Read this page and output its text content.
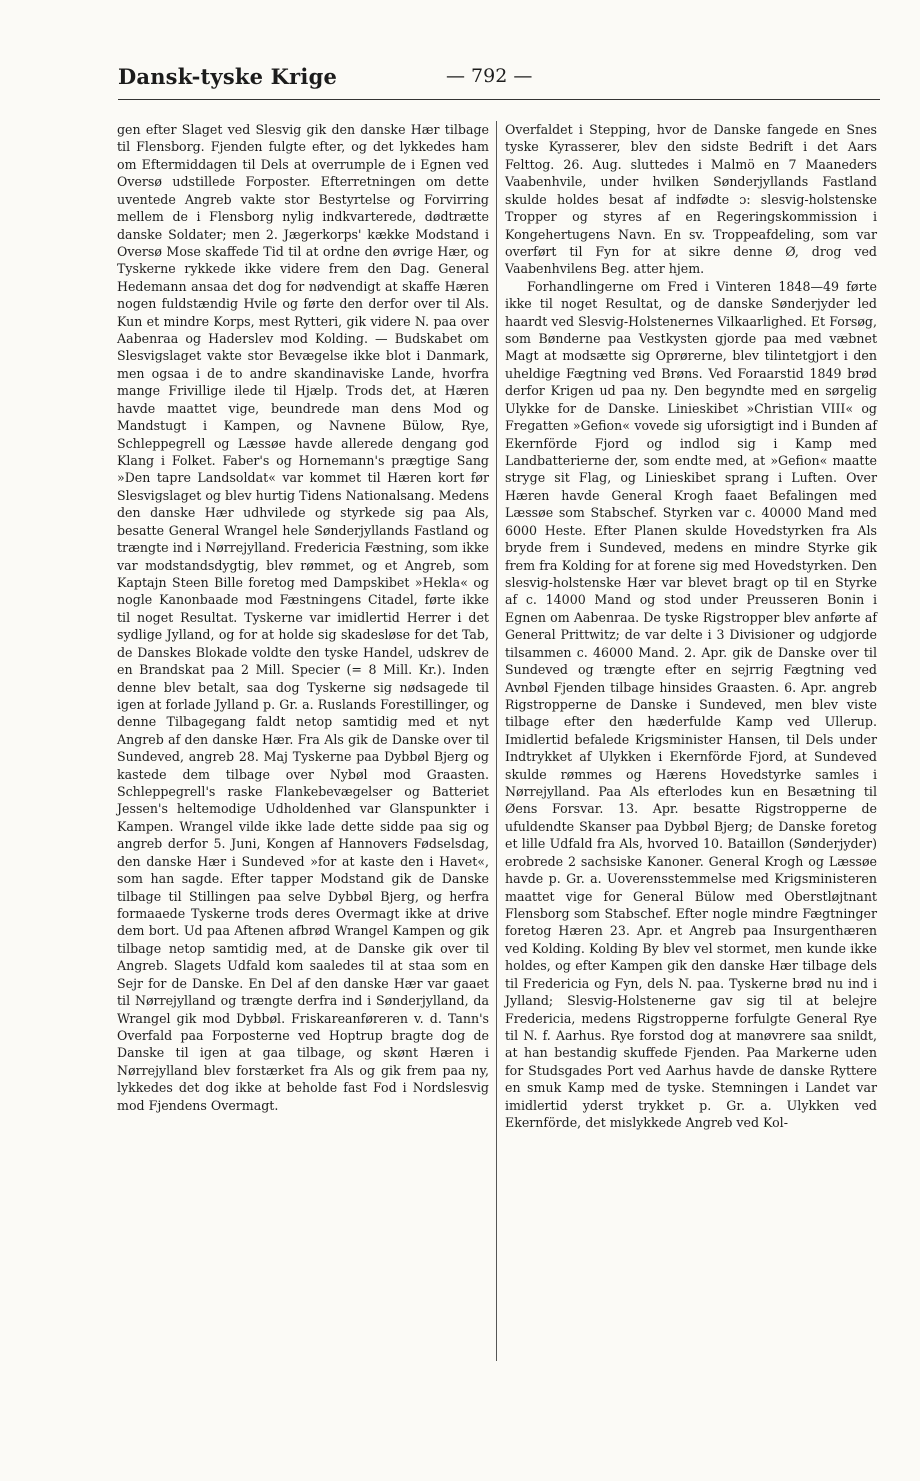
Dansk-tyske Krige	— 792 —

gen efter Slaget ved Slesvig gik den danske Hær tilbage til Flensborg. Fjenden fulgte efter, og det lykkedes ham om Eftermiddagen til Dels at overrumple de i Egnen ved Oversø udstillede Forposter. Efterretningen om dette uventede Angreb vakte stor Bestyrtelse og Forvirring mellem de i Flensborg nylig indkvarterede, dødtrætte danske Soldater; men 2. Jægerkorps' kække Modstand i Oversø Mose skaffede Tid til at ordne den øvrige Hær, og Tyskerne rykkede ikke videre frem den Dag. General Hedemann ansaa det dog for nødvendigt at skaffe Hæren nogen fuldstændig Hvile og førte den derfor over til Als. Kun et mindre Korps, mest Rytteri, gik videre N. paa over Aabenraa og Haderslev mod Kolding. — Budskabet om Slesvigslaget vakte stor Bevægelse ikke blot i Danmark, men ogsaa i de to andre skandinaviske Lande, hvorfra mange Frivillige ilede til Hjælp. Trods det, at Hæren havde maattet vige, beundrede man dens Mod og Mandstugt i Kampen, og Navnene Bülow, Rye, Schleppegrell og Læssøe havde allerede dengang god Klang i Folket. Faber's og Hornemann's prægtige Sang »Den tapre Landsoldat« var kommet til Hæren kort før Slesvigslaget og blev hurtig Tidens Nationalsang. Medens den danske Hær udhvilede og styrkede sig paa Als, besatte General Wrangel hele Sønderjyllands Fastland og trængte ind i Nørrejylland. Fredericia Fæstning, som ikke var modstandsdygtig, blev rømmet, og et Angreb, som Kaptajn Steen Bille foretog med Dampskibet »Hekla« og nogle Kanonbaade mod Fæstningens Citadel, førte ikke til noget Resultat. Tyskerne var imidlertid Herrer i det sydlige Jylland, og for at holde sig skadesløse for det Tab, de Danskes Blokade voldte den tyske Handel, udskrev de en Brandskat paa 2 Mill. Specier (= 8 Mill. Kr.). Inden denne blev betalt, saa dog Tyskerne sig nødsagede til igen at forlade Jylland p. Gr. a. Ruslands Forestillinger, og denne Tilbagegang faldt netop samtidig med et nyt Angreb af den danske Hær. Fra Als gik de Danske over til Sundeved, angreb 28. Maj Tyskerne paa Dybbøl Bjerg og kastede dem tilbage over Nybøl mod Graasten. Schleppegrell's raske Flankebevægelser og Batteriet Jessen's heltemodige Udholdenhed var Glanspunkter i Kampen. Wrangel vilde ikke lade dette sidde paa sig og angreb derfor 5. Juni, Kongen af Hannovers Fødselsdag, den danske Hær i Sundeved »for at kaste den i Havet«, som han sagde. Efter tapper Modstand gik de Danske tilbage til Stillingen paa selve Dybbøl Bjerg, og herfra formaaede Tyskerne trods deres Overmagt ikke at drive dem bort. Ud paa Aftenen afbrød Wrangel Kampen og gik tilbage netop samtidig med, at de Danske gik over til Angreb. Slagets Udfald kom saaledes til at staa som en Sejr for de Danske. En Del af den danske Hær var gaaet til Nørrejylland og trængte derfra ind i Sønderjylland, da Wrangel gik mod Dybbøl. Friskareanføreren v. d. Tann's Overfald paa Forposterne ved Hoptrup bragte dog de Danske til igen at gaa tilbage, og skønt Hæren i Nørrejylland blev forstærket fra Als og gik frem paa ny, lykkedes det dog ikke at beholde fast Fod i Nordslesvig mod Fjendens Overmagt.

Overfaldet i Stepping, hvor de Danske fangede en Snes tyske Kyrasserer, blev den sidste Bedrift i det Aars Felttog. 26. Aug. sluttedes i Malmö en 7 Maaneders Vaabenhvile, under hvilken Sønderjyllands Fastland skulde holdes besat af indfødte ɔ: slesvig-holstenske Tropper og styres af en Regeringskommission i Kongehertugens Navn. En sv. Troppeafdeling, som var overført til Fyn for at sikre denne Ø, drog ved Vaabenhvilens Beg. atter hjem.

Forhandlingerne om Fred i Vinteren 1848—49 førte ikke til noget Resultat, og de danske Sønderjyder led haardt ved Slesvig-Holstenernes Vilkaarlighed. Et Forsøg, som Bønderne paa Vestkysten gjorde paa med væbnet Magt at modsætte sig Oprørerne, blev tilintetgjort i den uheldige Fægtning ved Brøns. Ved Foraarstid 1849 brød derfor Krigen ud paa ny. Den begyndte med en sørgelig Ulykke for de Danske. Linieskibet »Christian VIII« og Fregatten »Gefion« vovede sig uforsigtigt ind i Bunden af Ekernförde Fjord og indlod sig i Kamp med Landbatterierne der, som endte med, at »Gefion« maatte stryge sit Flag, og Linieskibet sprang i Luften. Over Hæren havde General Krogh faaet Befalingen med Læssøe som Stabschef. Styrken var c. 40000 Mand med 6000 Heste. Efter Planen skulde Hovedstyrken fra Als bryde frem i Sundeved, medens en mindre Styrke gik frem fra Kolding for at forene sig med Hovedstyrken. Den slesvig-holstenske Hær var blevet bragt op til en Styrke af c. 14000 Mand og stod under Preusseren Bonin i Egnen om Aabenraa. De tyske Rigstropper blev anførte af General Prittwitz; de var delte i 3 Divisioner og udgjorde tilsammen c. 46000 Mand. 2. Apr. gik de Danske over til Sundeved og trængte efter en sejrrig Fægtning ved Avnbøl Fjenden tilbage hinsides Graasten. 6. Apr. angreb Rigstropperne de Danske i Sundeved, men blev viste tilbage efter den hæderfulde Kamp ved Ullerup. Imidlertid befalede Krigsminister Hansen, til Dels under Indtrykket af Ulykken i Ekernförde Fjord, at Sundeved skulde rømmes og Hærens Hovedstyrke samles i Nørrejylland. Paa Als efterlodes kun en Besætning til Øens Forsvar. 13. Apr. besatte Rigstropperne de ufuldendte Skanser paa Dybbøl Bjerg; de Danske foretog et lille Udfald fra Als, hvorved 10. Bataillon (Sønderjyder) erobrede 2 sachsiske Kanoner. General Krogh og Læssøe havde p. Gr. a. Uoverensstemmelse med Krigsministeren maattet vige for General Bülow med Oberstløjtnant Flensborg som Stabschef. Efter nogle mindre Fægtninger foretog Hæren 23. Apr. et Angreb paa Insurgenthæren ved Kolding. Kolding By blev vel stormet, men kunde ikke holdes, og efter Kampen gik den danske Hær tilbage dels til Fredericia og Fyn, dels N. paa. Tyskerne brød nu ind i Jylland; Slesvig-Holstenerne gav sig til at belejre Fredericia, medens Rigstropperne forfulgte General Rye til N. f. Aarhus. Rye forstod dog at manøvrere saa snildt, at han bestandig skuffede Fjenden. Paa Markerne uden for Studsgades Port ved Aarhus havde de danske Ryttere en smuk Kamp med de tyske. Stemningen i Landet var imidlertid yderst trykket p. Gr. a. Ulykken ved Ekernförde, det mislykkede Angreb ved Kol-
